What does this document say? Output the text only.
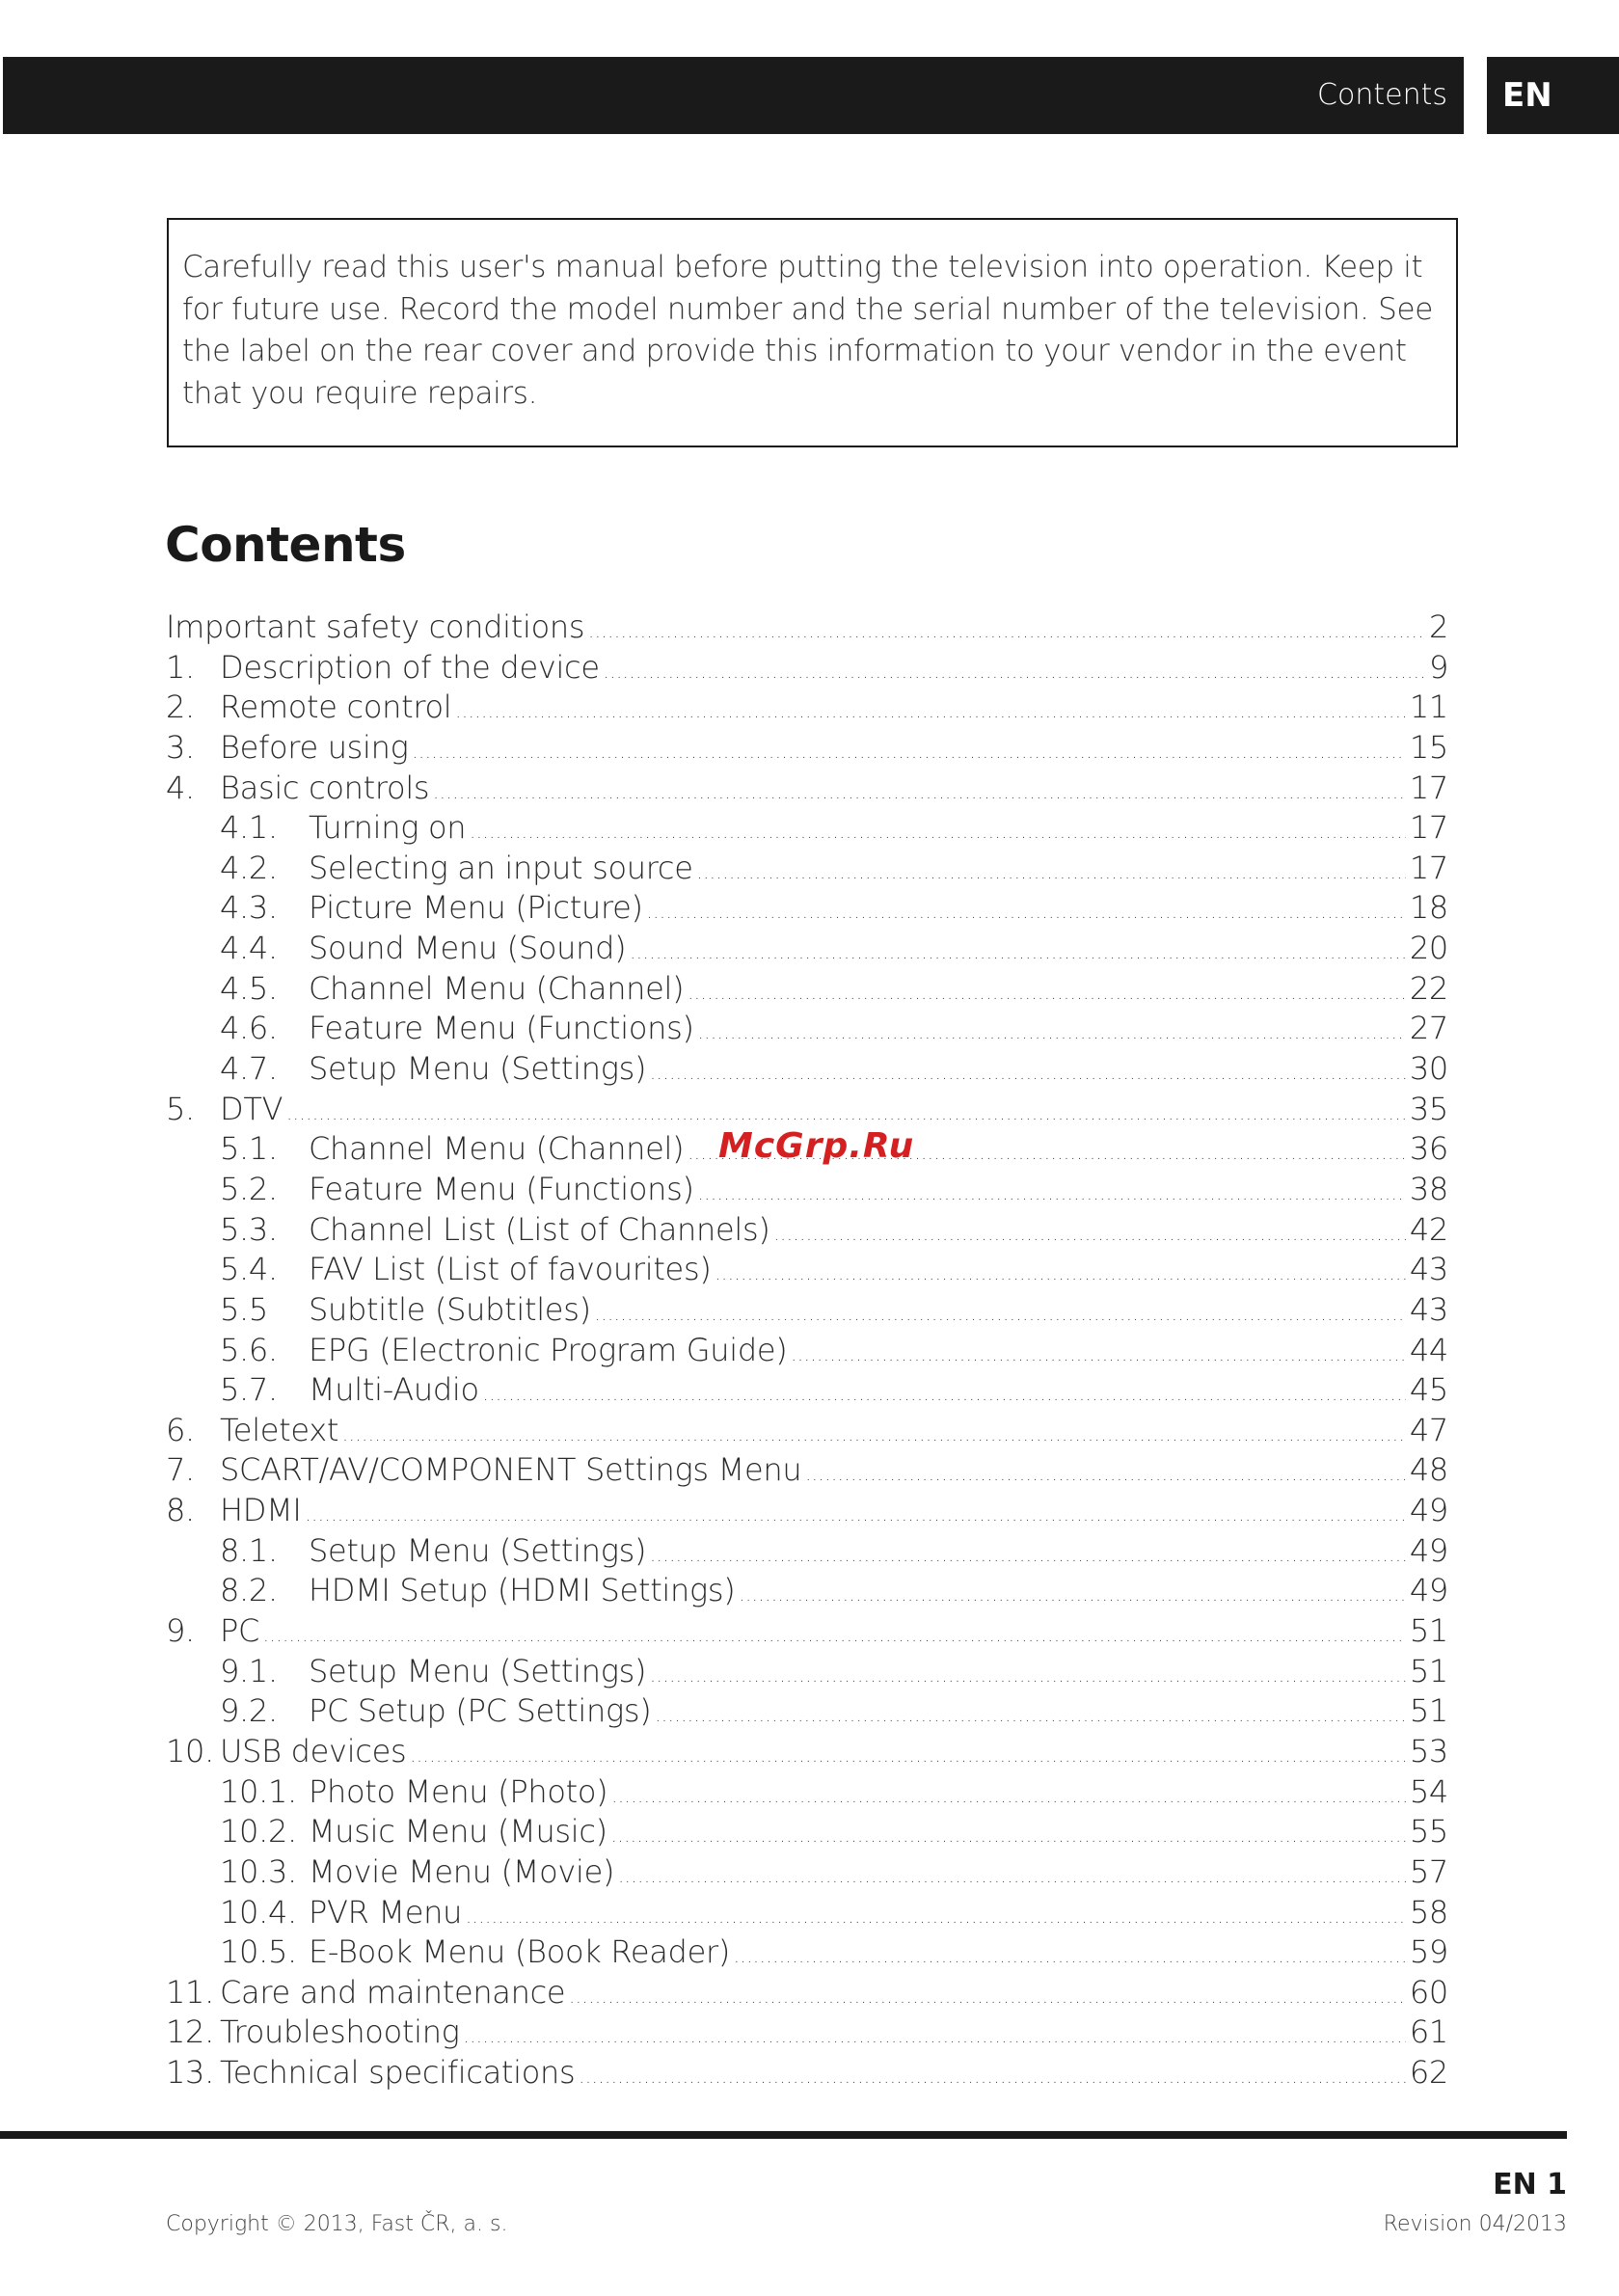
Contents	EN
Carefully read this user's manual before putting the television into operation. Keep it for future use. Record the model number and the serial number of the television. See the label on the rear cover and provide this information to your vendor in the event that you require repairs.
Contents
Important safety conditions .....	2
1. Description of the device .....	9
2. Remote control .....	11
3. Before using .....	15
4. Basic controls .....	17
4.1.	Turning on .....	17
4.2.	Selecting an input source .....	17
4.3.	Picture Menu (Picture) .....	18
4.4.	Sound Menu (Sound) .....	20
4.5.	Channel Menu (Channel) .....	22
4.6.	Feature Menu (Functions) .....	27
4.7.	Setup Menu (Settings) .....	30
5. DTV .....	35
5.1.	Channel Menu (Channel) .....	36
5.2.	Feature Menu (Functions) .....	38
5.3.	Channel List (List of Channels) .....	42
5.4.	FAV List (List of favourites) .....	43
5.5	Subtitle (Subtitles) .....	43
5.6.	EPG (Electronic Program Guide) .....	44
5.7.	Multi-Audio .....	45
6. Teletext .....	47
7. SCART/AV/COMPONENT Settings Menu .....	48
8. HDMI .....	49
8.1.	Setup Menu (Settings) .....	49
8.2.	HDMI Setup (HDMI Settings) .....	49
9. PC .....	51
9.1.	Setup Menu (Settings) .....	51
9.2.	PC Setup (PC Settings) .....	51
10. USB devices .....	53
10.1. Photo Menu (Photo) .....	54
10.2. Music Menu (Music) .....	55
10.3. Movie Menu (Movie) .....	57
10.4. PVR Menu .....	58
10.5. E-Book Menu (Book Reader) .....	59
11. Care and maintenance .....	60
12. Troubleshooting .....	61
13. Technical specifications .....	62
McGrp.Ru
EN 1
Copyright © 2013, Fast ČR, a. s.	Revision 04/2013
